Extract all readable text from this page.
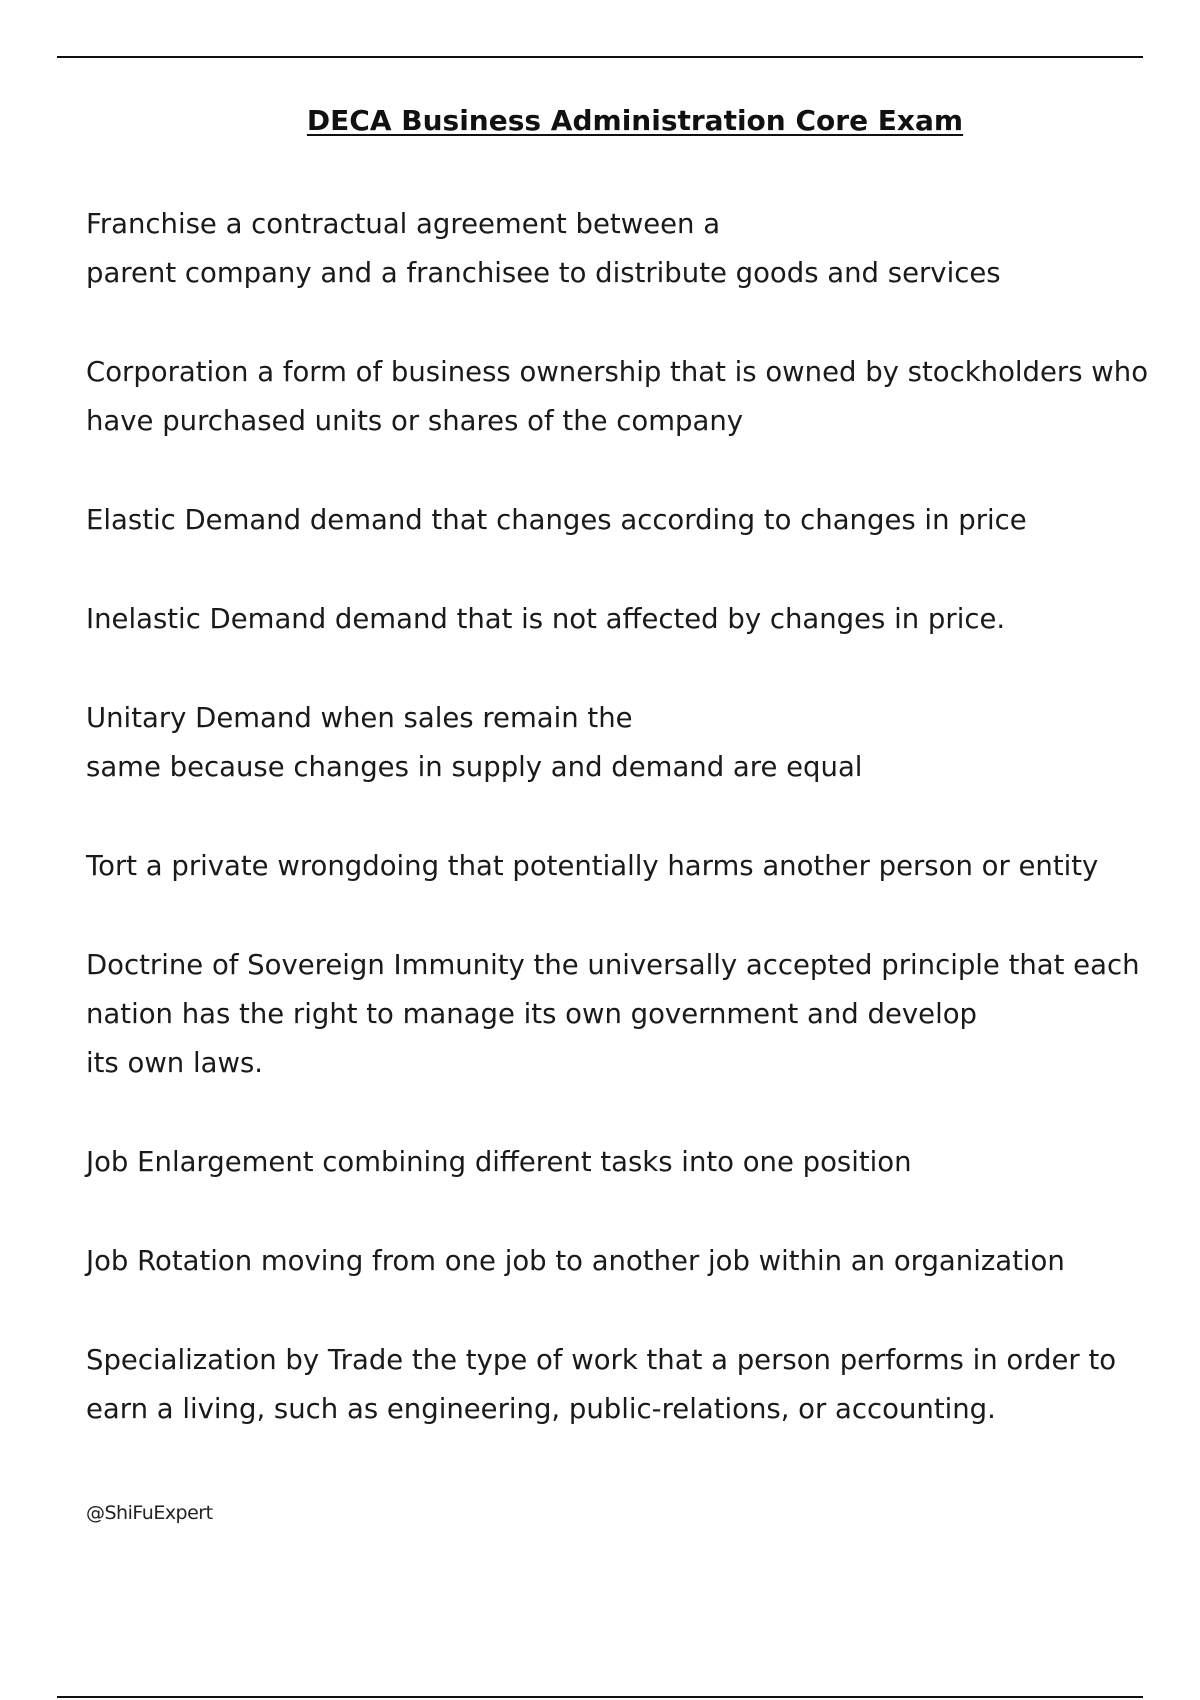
DECA Business Administration Core Exam
Franchise a contractual agreement between a
parent company and a franchisee to distribute goods and services
Corporation a form of business ownership that is owned by stockholders who
have purchased units or shares of the company
Elastic Demand demand that changes according to changes in price
Inelastic Demand demand that is not affected by changes in price.
Unitary Demand when sales remain the
same because changes in supply and demand are equal
Tort a private wrongdoing that potentially harms another person or entity
Doctrine of Sovereign Immunity the universally accepted principle that each
nation has the right to manage its own government and develop
its own laws.
Job Enlargement combining different tasks into one position
Job Rotation moving from one job to another job within an organization
Specialization by Trade the type of work that a person performs in order to
earn a living, such as engineering, public-relations, or accounting.
@ShiFuExpert
